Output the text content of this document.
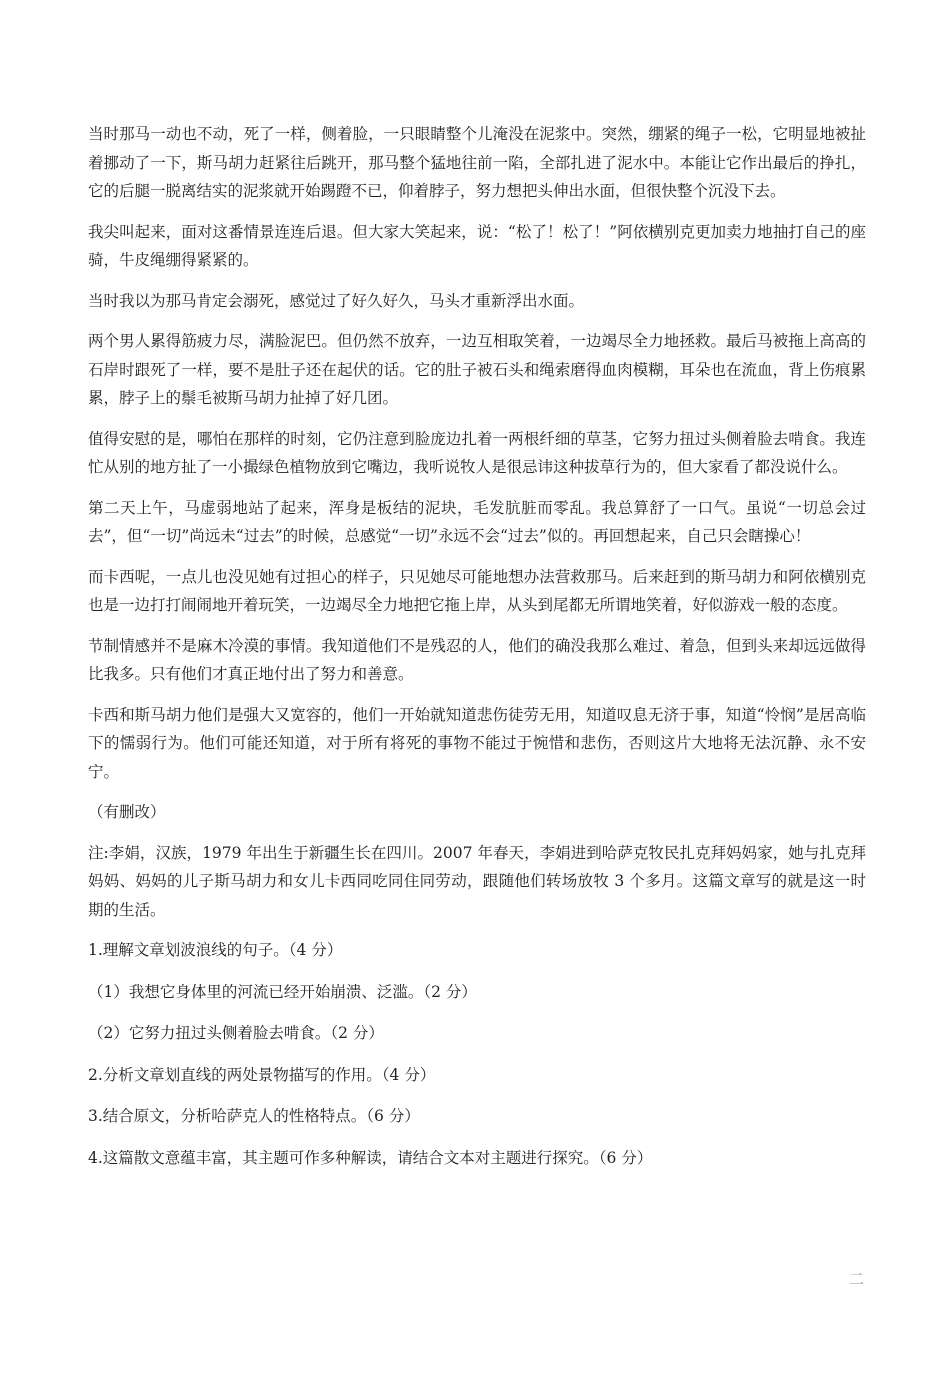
当时那马一动也不动，死了一样，侧着脸，一只眼睛整个儿淹没在泥浆中。突然，绷紧的绳子一松，它明显地被扯着挪动了一下，斯马胡力赶紧往后跳开，那马整个猛地往前一陷，全部扎进了泥水中。本能让它作出最后的挣扎，它的后腿一脱离结实的泥浆就开始踢蹬不已，仰着脖子，努力想把头伸出水面，但很快整个沉没下去。

我尖叫起来，面对这番情景连连后退。但大家大笑起来，说：“松了！松了！”阿依横别克更加卖力地抽打自己的座骑，牛皮绳绷得紧紧的。

当时我以为那马肯定会溺死，感觉过了好久好久，马头才重新浮出水面。

两个男人累得筋疲力尽，满脸泥巴。但仍然不放弃，一边互相取笑着，一边竭尽全力地拯救。最后马被拖上高高的石岸时跟死了一样，要不是肚子还在起伏的话。它的肚子被石头和绳索磨得血肉模糊，耳朵也在流血，背上伤痕累累，脖子上的鬃毛被斯马胡力扯掉了好几团。

值得安慰的是，哪怕在那样的时刻，它仍注意到脸庞边扎着一两根纤细的草茎，它努力扭过头侧着脸去啃食。我连忙从别的地方扯了一小撮绿色植物放到它嘴边，我听说牧人是很忌讳这种拔草行为的，但大家看了都没说什么。

第二天上午，马虚弱地站了起来，浑身是板结的泥块，毛发肮脏而零乱。我总算舒了一口气。虽说“一切总会过去”，但“一切”尚远未“过去”的时候，总感觉“一切”永远不会“过去”似的。再回想起来，自己只会瞎操心！

而卡西呢，一点儿也没见她有过担心的样子，只见她尽可能地想办法营救那马。后来赶到的斯马胡力和阿依横别克也是一边打打闹闹地开着玩笑，一边竭尽全力地把它拖上岸，从头到尾都无所谓地笑着，好似游戏一般的态度。

节制情感并不是麻木冷漠的事情。我知道他们不是残忍的人，他们的确没我那么难过、着急，但到头来却远远做得比我多。只有他们才真正地付出了努力和善意。

卡西和斯马胡力他们是强大又宽容的，他们一开始就知道悲伤徒劳无用，知道叹息无济于事，知道“怜悯”是居高临下的懦弱行为。他们可能还知道，对于所有将死的事物不能过于惋惜和悲伤，否则这片大地将无法沉静、永不安宁。

（有删改）

注:李娟，汉族，1979 年出生于新疆生长在四川。2007 年春天，李娟进到哈萨克牧民扎克拜妈妈家，她与扎克拜妈妈、妈妈的儿子斯马胡力和女儿卡西同吃同住同劳动，跟随他们转场放牧 3 个多月。这篇文章写的就是这一时期的生活。

1.理解文章划波浪线的句子。（4 分）

（1）我想它身体里的河流已经开始崩溃、泛滥。（2 分）

（2）它努力扭过头侧着脸去啃食。（2 分）

2.分析文章划直线的两处景物描写的作用。（4 分）

3.结合原文，分析哈萨克人的性格特点。（6 分）

4.这篇散文意蕴丰富，其主题可作多种解读，请结合文本对主题进行探究。（6 分）

二
